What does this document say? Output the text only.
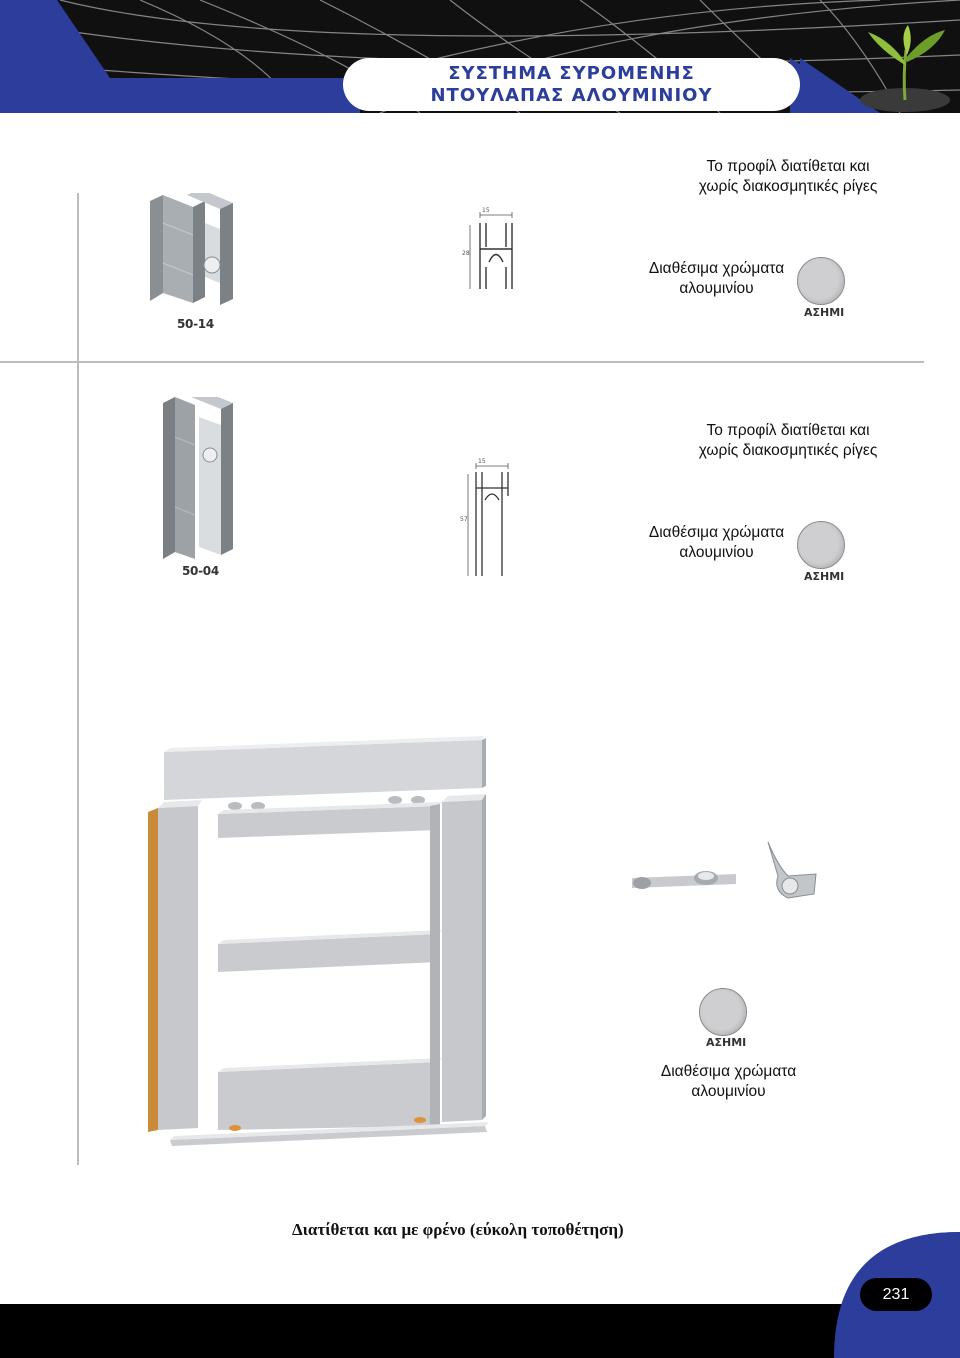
ΣΥΣΤΗΜΑ ΣΥΡΟΜΕΝΗΣ
ΝΤΟΥΛΑΠΑΣ ΑΛΟΥΜΙΝΙΟΥ
50-14
15
28
Το προφίλ διατίθεται και
χωρίς διακοσμητικές ρίγες
Διαθέσιμα χρώματα
αλουμινίου
ΑΣΗΜΙ
50-04
15
57
Το προφίλ διατίθεται και
χωρίς διακοσμητικές ρίγες
Διαθέσιμα χρώματα
αλουμινίου
ΑΣΗΜΙ
ΑΣΗΜΙ
Διαθέσιμα χρώματα
αλουμινίου
Διατίθεται και με φρένο (εύκολη τοποθέτηση)
231
